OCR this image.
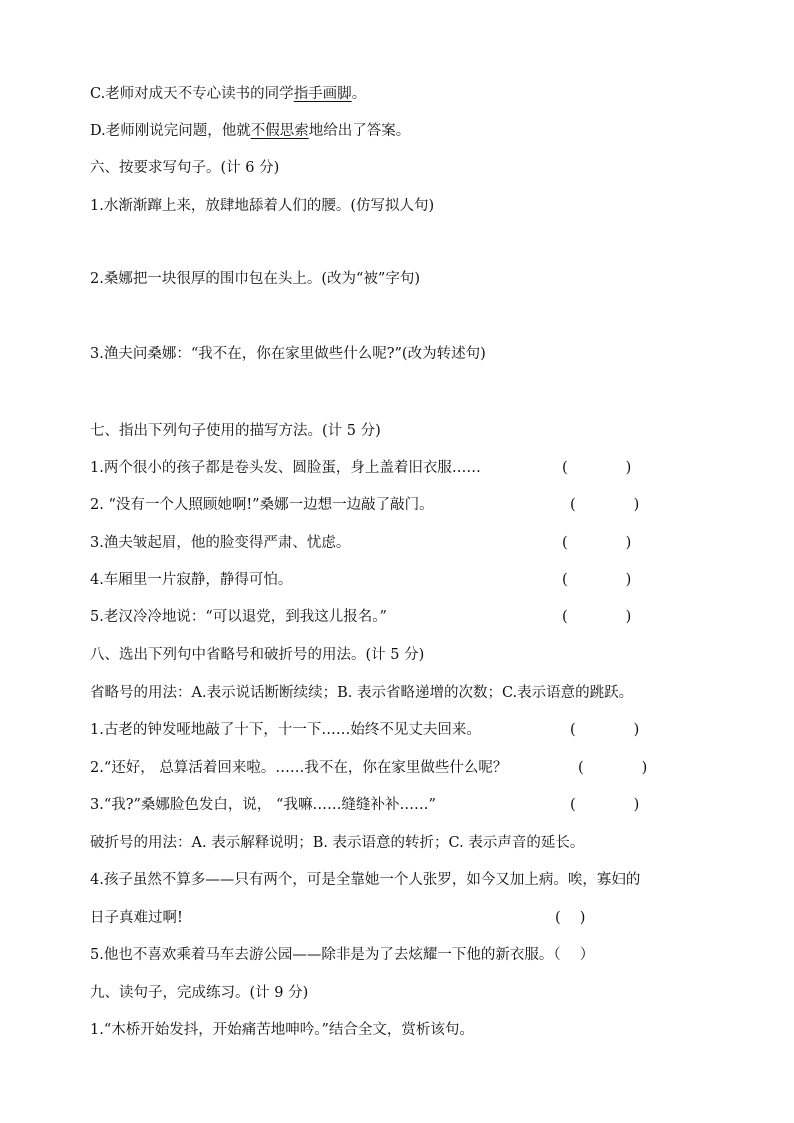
C.老师对成天不专心读书的同学指手画脚。
D.老师刚说完问题，他就不假思索地给出了答案。
六、按要求写句子。(计 6 分)
1.水渐渐蹿上来，放肆地舔着人们的腰。(仿写拟人句)
2.桑娜把一块很厚的围巾包在头上。(改为“被”字句)
3.渔夫问桑娜：“我不在，你在家里做些什么呢?”(改为转述句)
七、指出下列句子使用的描写方法。(计 5 分)
1.两个很小的孩子都是卷头发、圆脸蛋，身上盖着旧衣服……	(　　　　)
2. “没有一个人照顾她啊!”桑娜一边想一边敲了敲门。	(　　　　)
3.渔夫皱起眉，他的脸变得严肃、忧虑。	(　　　　)
4.车厢里一片寂静，静得可怕。	(　　　　)
5.老汉冷冷地说：“可以退党，到我这儿报名。”	(　　　　)
八、选出下列句中省略号和破折号的用法。(计 5 分)
省略号的用法：A.表示说话断断续续；B. 表示省略递增的次数；C.表示语意的跳跃。
1.古老的钟发哑地敲了十下，十一下……始终不见丈夫回来。	(　　　　)
2.“还好， 总算活着回来啦。……我不在，你在家里做些什么呢？	(　　　　)
3.“我?”桑娜脸色发白，说， “我嘛……缝缝补补……”	(　　　　)
破折号的用法：A. 表示解释说明；B. 表示语意的转折；C. 表示声音的延长。
4.孩子虽然不算多——只有两个，可是全靠她一个人张罗，如今又加上病。唉，寡妇的
日子真难过啊!	(　 )
5.他也不喜欢乘着马车去游公园——除非是为了去炫耀一下他的新衣服。（　 ）
九、读句子，完成练习。(计 9 分)
1.“木桥开始发抖，开始痛苦地呻吟。”结合全文，赏析该句。
